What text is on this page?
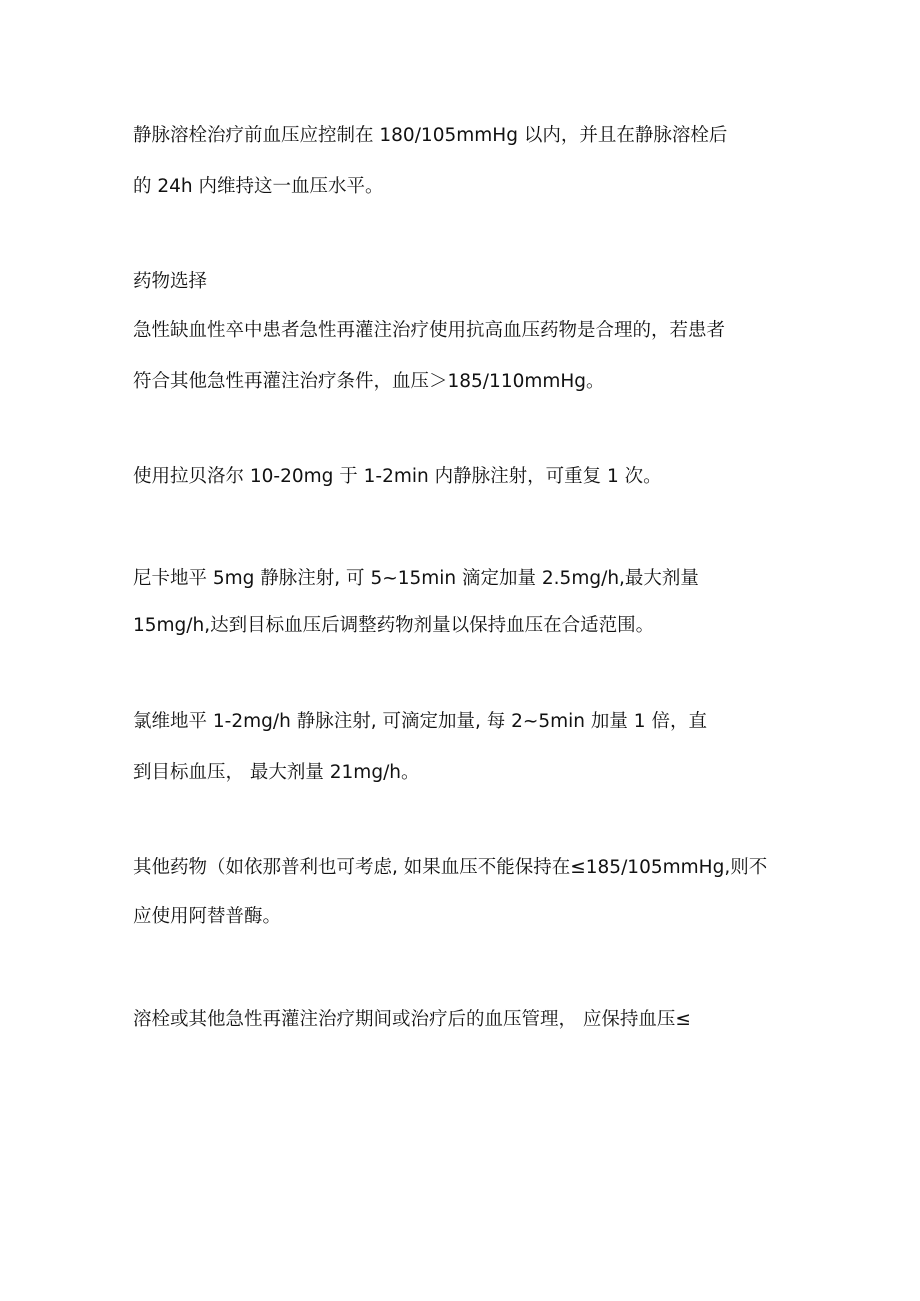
静脉溶栓治疗前血压应控制在 180/105mmHg 以内，并且在静脉溶栓后
的 24h 内维持这一血压水平。
药物选择
急性缺血性卒中患者急性再灌注治疗使用抗高血压药物是合理的，若患者
符合其他急性再灌注治疗条件，血压＞185/110mmHg。
使用拉贝洛尔 10-20mg 于 1-2min 内静脉注射，可重复 1 次。
尼卡地平 5mg 静脉注射, 可 5~15min 滴定加量 2.5mg/h,最大剂量
15mg/h,达到目标血压后调整药物剂量以保持血压在合适范围。
氯维地平 1-2mg/h 静脉注射, 可滴定加量, 每 2~5min 加量 1 倍，直
到目标血压， 最大剂量 21mg/h。
其他药物（如依那普利也可考虑, 如果血压不能保持在≤185/105mmHg,则不
应使用阿替普酶。
溶栓或其他急性再灌注治疗期间或治疗后的血压管理， 应保持血压≤
